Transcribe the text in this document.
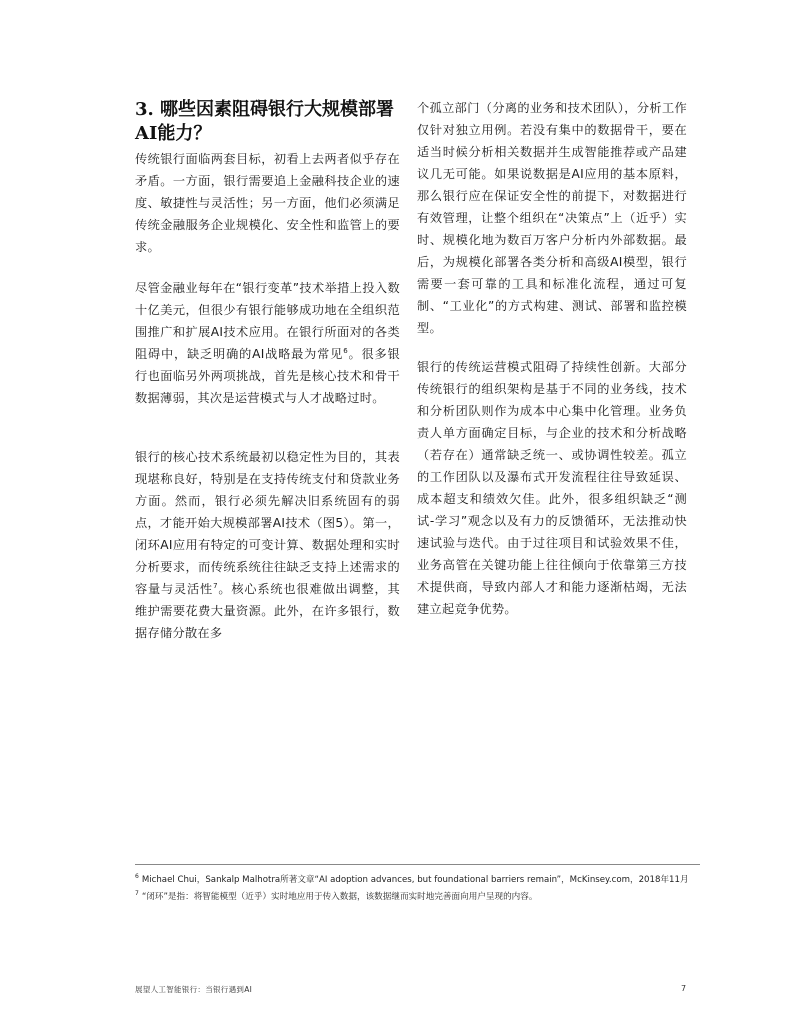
3. 哪些因素阻碍银行大规模部署
AI能力？

传统银行面临两套目标，初看上去两者似乎存在矛盾。一方面，银行需要追上金融科技企业的速度、敏捷性与灵活性；另一方面，他们必须满足传统金融服务企业规模化、安全性和监管上的要求。

尽管金融业每年在“银行变革”技术举措上投入数十亿美元，但很少有银行能够成功地在全组织范围推广和扩展AI技术应用。在银行所面对的各类阻碍中，缺乏明确的AI战略最为常见$^6$。很多银行也面临另外两项挑战，首先是核心技术和骨干数据薄弱，其次是运营模式与人才战略过时。

银行的核心技术系统最初以稳定性为目的，其表现堪称良好，特别是在支持传统支付和贷款业务方面。然而，银行必须先解决旧系统固有的弱点，才能开始大规模部署AI技术（图5）。第一，闭环AI应用有特定的可变计算、数据处理和实时分析要求，而传统系统往往缺乏支持上述需求的容量与灵活性$^7$。核心系统也很难做出调整，其维护需要花费大量资源。此外，在许多银行，数据存储分散在多

个孤立部门（分离的业务和技术团队），分析工作仅针对独立用例。若没有集中的数据骨干，要在适当时候分析相关数据并生成智能推荐或产品建议几无可能。如果说数据是AI应用的基本原料，那么银行应在保证安全性的前提下，对数据进行有效管理，让整个组织在“决策点”上（近乎）实时、规模化地为数百万客户分析内外部数据。最后，为规模化部署各类分析和高级AI模型，银行需要一套可靠的工具和标准化流程，通过可复制、“工业化”的方式构建、测试、部署和监控模型。

银行的传统运营模式阻碍了持续性创新。大部分传统银行的组织架构是基于不同的业务线，技术和分析团队则作为成本中心集中化管理。业务负责人单方面确定目标，与企业的技术和分析战略（若存在）通常缺乏统一、或协调性较差。孤立的工作团队以及瀑布式开发流程往往导致延误、成本超支和绩效欠佳。此外，很多组织缺乏“测试-学习”观念以及有力的反馈循环，无法推动快速试验与迭代。由于过往项目和试验效果不佳，业务高管在关键功能上往往倾向于依靠第三方技术提供商，导致内部人才和能力逐渐枯竭，无法建立起竞争优势。

$^6$ Michael Chui，Sankalp Malhotra所著文章“AI adoption advances, but foundational barriers remain”，McKinsey.com，2018年11月
$^7$ “闭环”是指：将智能模型（近乎）实时地应用于传入数据，该数据继而实时地完善面向用户呈现的内容。
展望人工智能银行：当银行遇到AI	7
